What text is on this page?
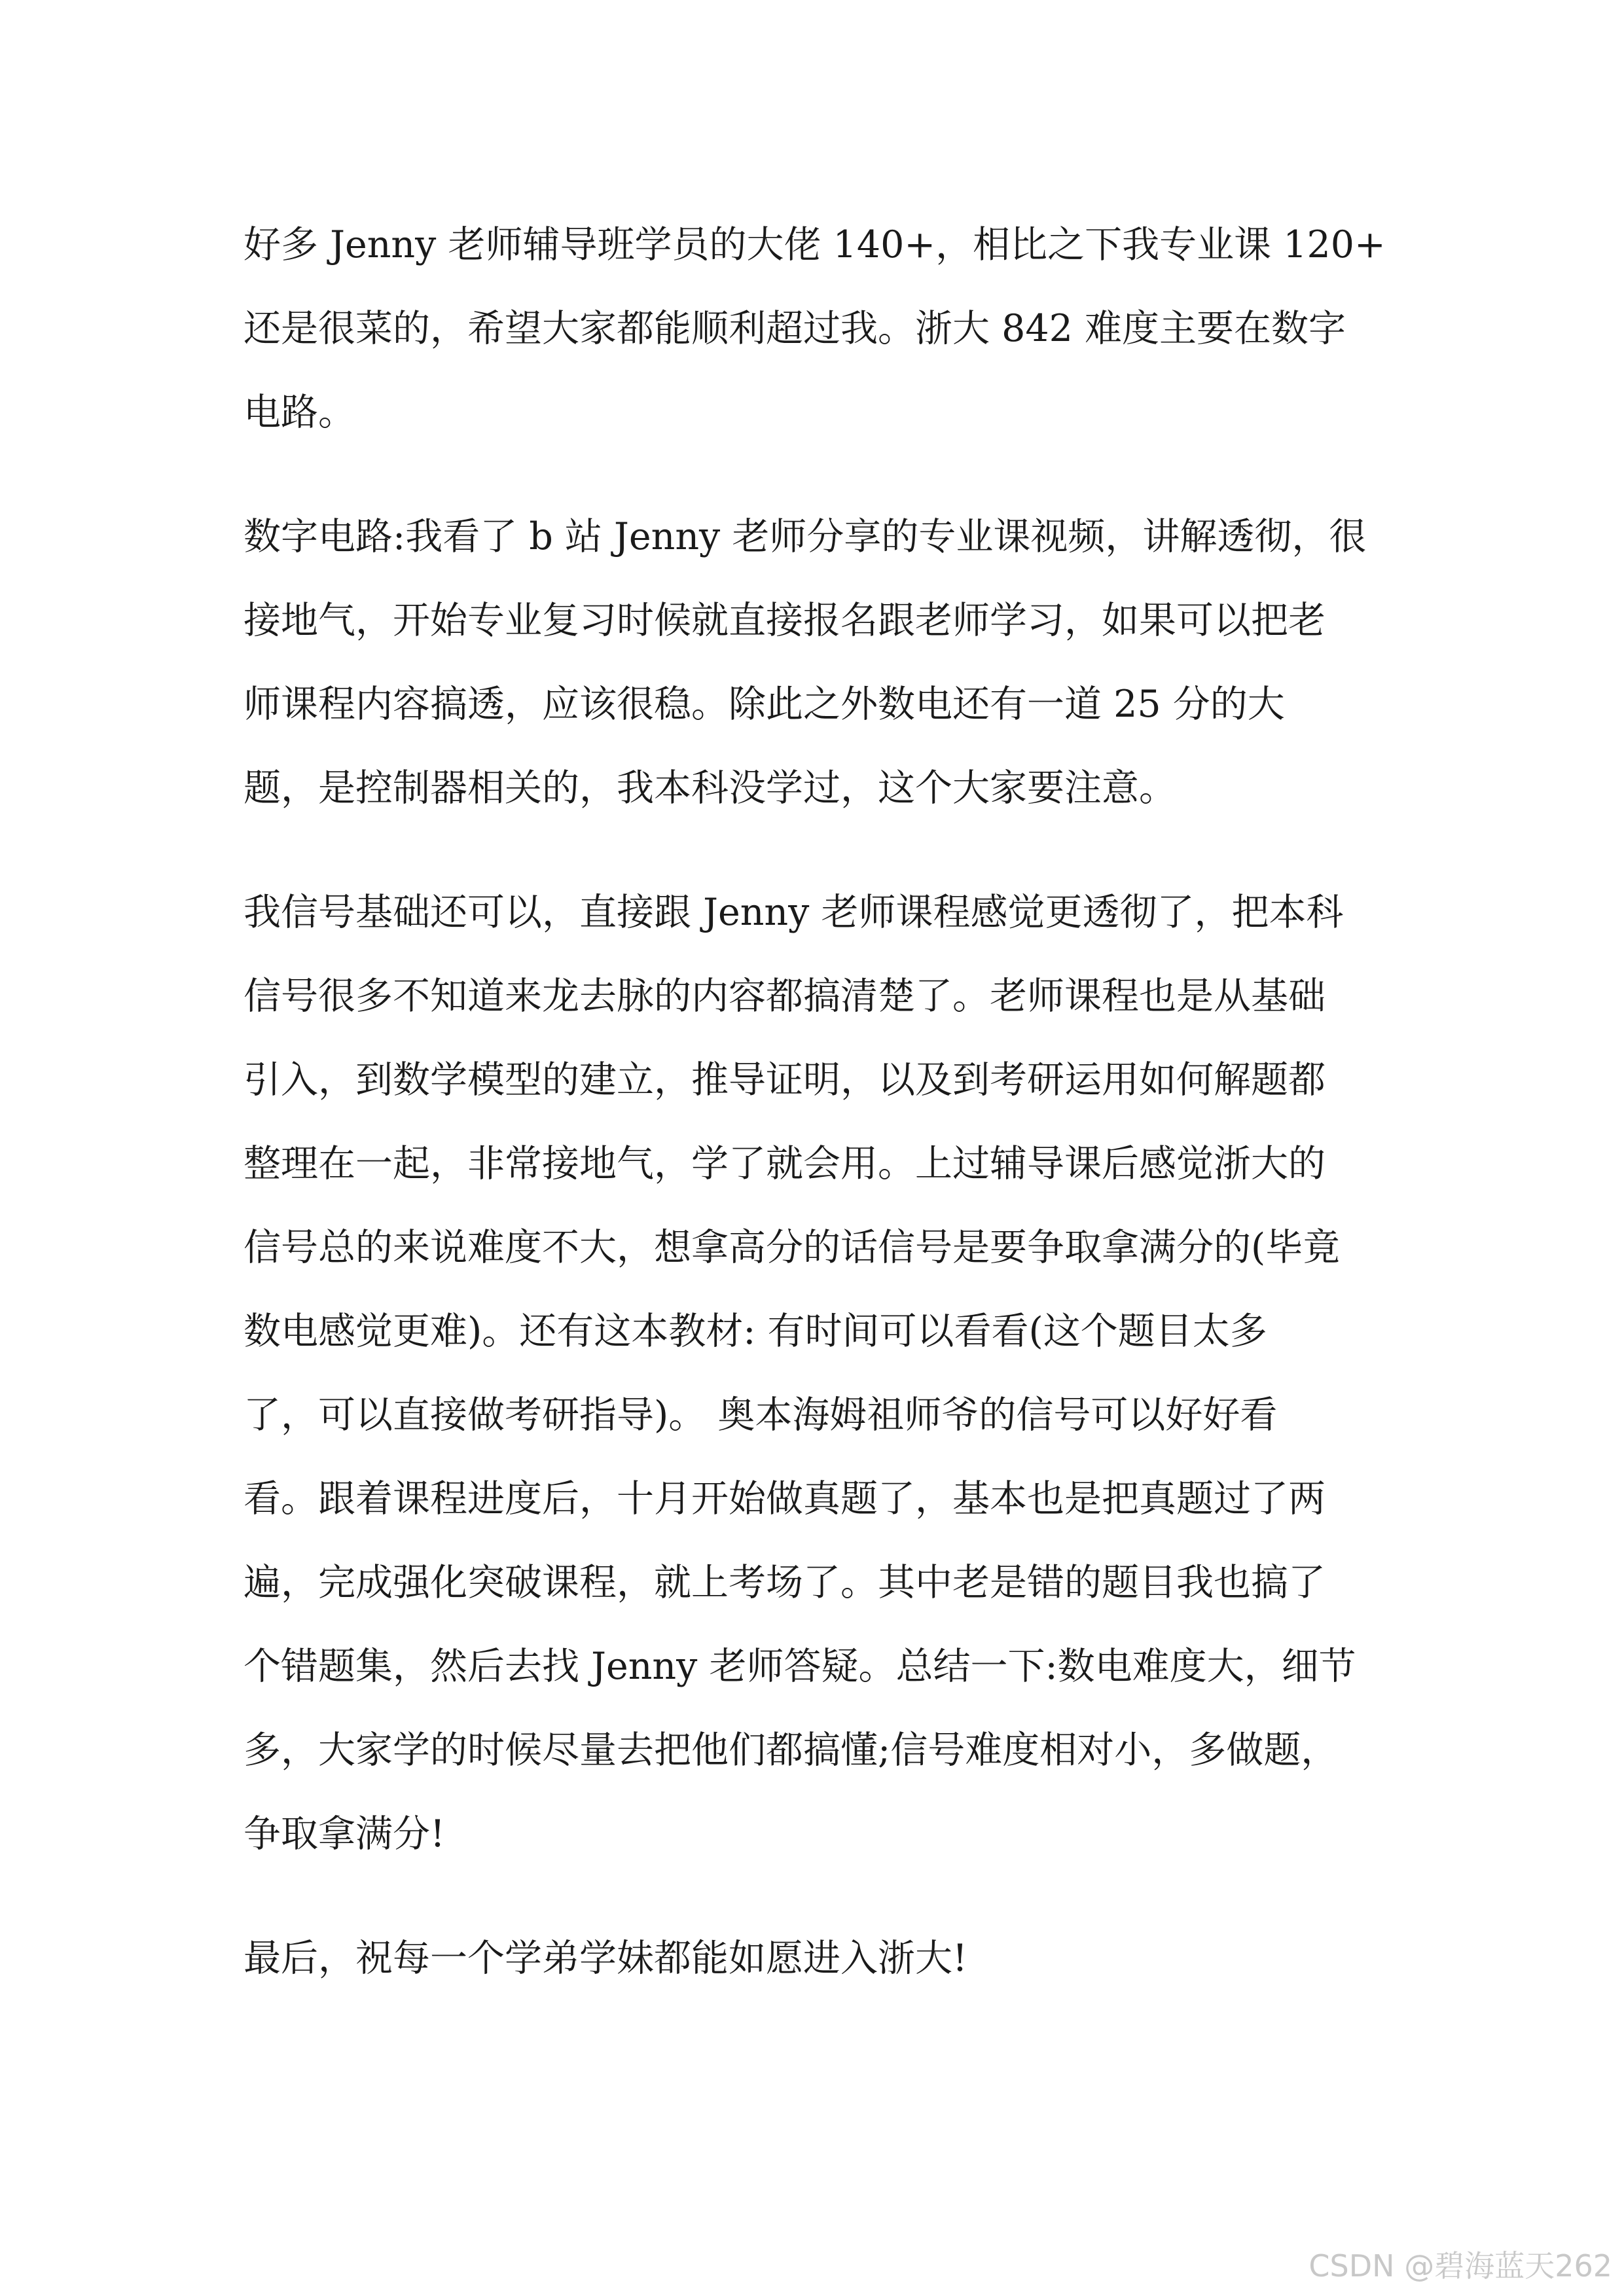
好多 Jenny 老师辅导班学员的大佬 140+，相比之下我专业课 120+
还是很菜的，希望大家都能顺利超过我。浙大 842 难度主要在数字
电路。

数字电路:我看了 b 站 Jenny 老师分享的专业课视频，讲解透彻，很
接地气，开始专业复习时候就直接报名跟老师学习，如果可以把老
师课程内容搞透，应该很稳。除此之外数电还有一道 25 分的大
题，是控制器相关的，我本科没学过，这个大家要注意。

我信号基础还可以，直接跟 Jenny 老师课程感觉更透彻了，把本科
信号很多不知道来龙去脉的内容都搞清楚了。老师课程也是从基础
引入，到数学模型的建立，推导证明，以及到考研运用如何解题都
整理在一起，非常接地气，学了就会用。上过辅导课后感觉浙大的
信号总的来说难度不大，想拿高分的话信号是要争取拿满分的(毕竟
数电感觉更难)。还有这本教材: 有时间可以看看(这个题目太多
了，可以直接做考研指导)。 奥本海姆祖师爷的信号可以好好看
看。跟着课程进度后，十月开始做真题了，基本也是把真题过了两
遍，完成强化突破课程，就上考场了。其中老是错的题目我也搞了
个错题集，然后去找 Jenny 老师答疑。总结一下:数电难度大，细节
多，大家学的时候尽量去把他们都搞懂;信号难度相对小，多做题，
争取拿满分!

最后，祝每一个学弟学妹都能如愿进入浙大!

CSDN @碧海蓝天262
